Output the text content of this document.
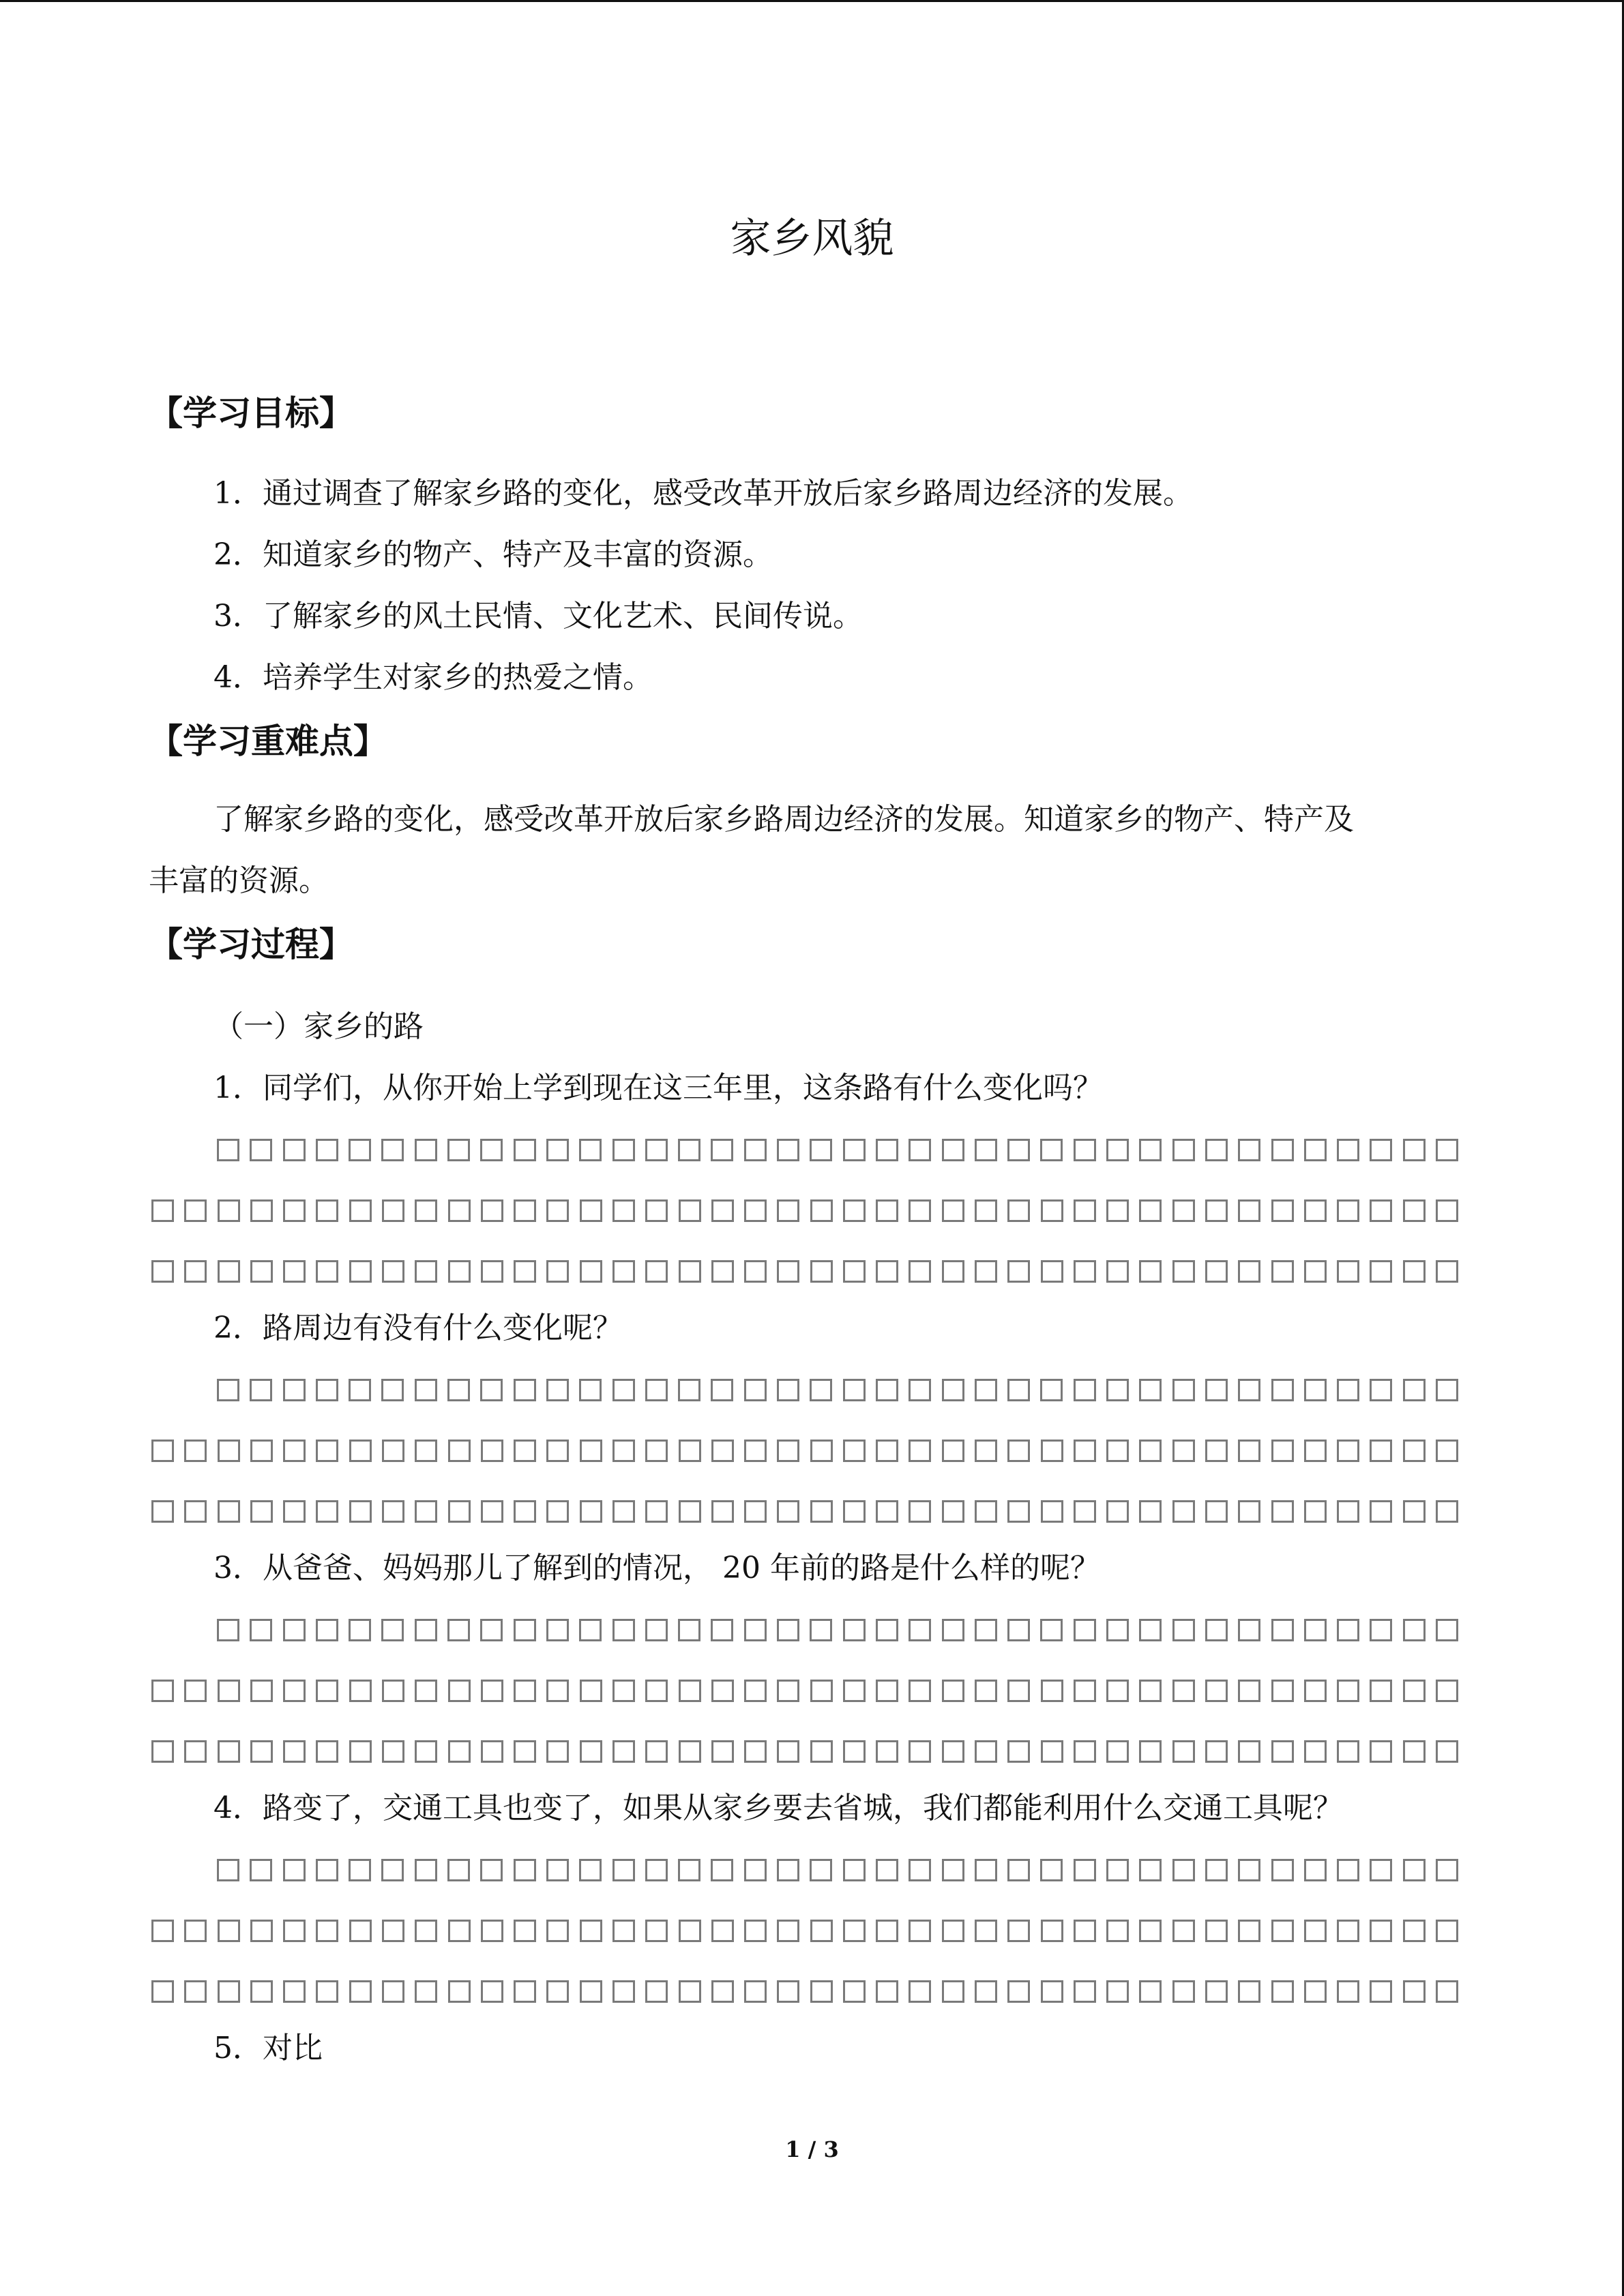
家乡风貌
【学习目标】
1．通过调查了解家乡路的变化，感受改革开放后家乡路周边经济的发展。
2．知道家乡的物产、特产及丰富的资源。
3．了解家乡的风土民情、文化艺术、民间传说。
4．培养学生对家乡的热爱之情。
【学习重难点】
了解家乡路的变化，感受改革开放后家乡路周边经济的发展。知道家乡的物产、特产及
丰富的资源。
【学习过程】
（一）家乡的路
1．同学们，从你开始上学到现在这三年里，这条路有什么变化吗？
2．路周边有没有什么变化呢？
3．从爸爸、妈妈那儿了解到的情况， 20 年前的路是什么样的呢？
4．路变了，交通工具也变了，如果从家乡要去省城，我们都能利用什么交通工具呢？
5．对比
1 / 3
